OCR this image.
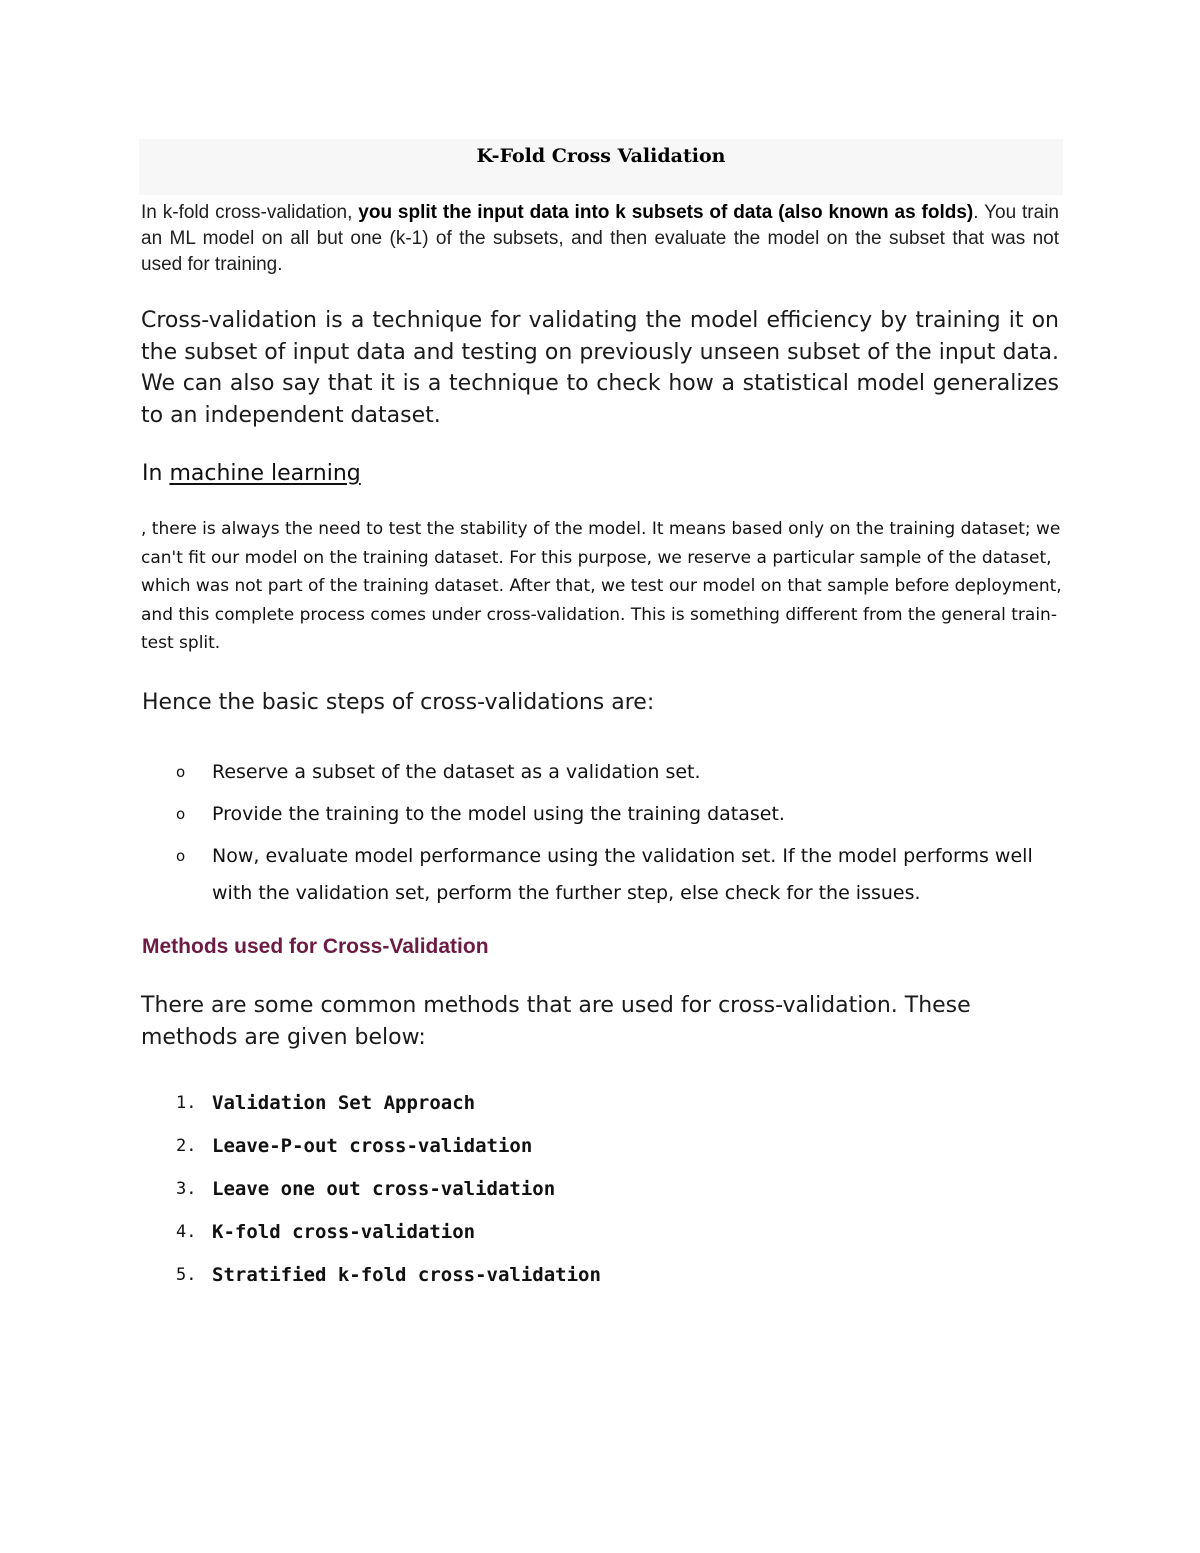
K-Fold Cross Validation

In k-fold cross-validation, you split the input data into k subsets of data (also known as folds). You train an ML model on all but one (k-1) of the subsets, and then evaluate the model on the subset that was not used for training.

Cross-validation is a technique for validating the model efficiency by training it on the subset of input data and testing on previously unseen subset of the input data. We can also say that it is a technique to check how a statistical model generalizes to an independent dataset.

In machine learning

, there is always the need to test the stability of the model. It means based only on the training dataset; we can't fit our model on the training dataset. For this purpose, we reserve a particular sample of the dataset, which was not part of the training dataset. After that, we test our model on that sample before deployment, and this complete process comes under cross-validation. This is something different from the general train-test split.

Hence the basic steps of cross-validations are:
o Reserve a subset of the dataset as a validation set.
o Provide the training to the model using the training dataset.
o Now, evaluate model performance using the validation set. If the model performs well with the validation set, perform the further step, else check for the issues.
Methods used for Cross-Validation

There are some common methods that are used for cross-validation. These methods are given below:

1. Validation Set Approach
2. Leave-P-out cross-validation
3. Leave one out cross-validation
4. K-fold cross-validation
5. Stratified k-fold cross-validation
